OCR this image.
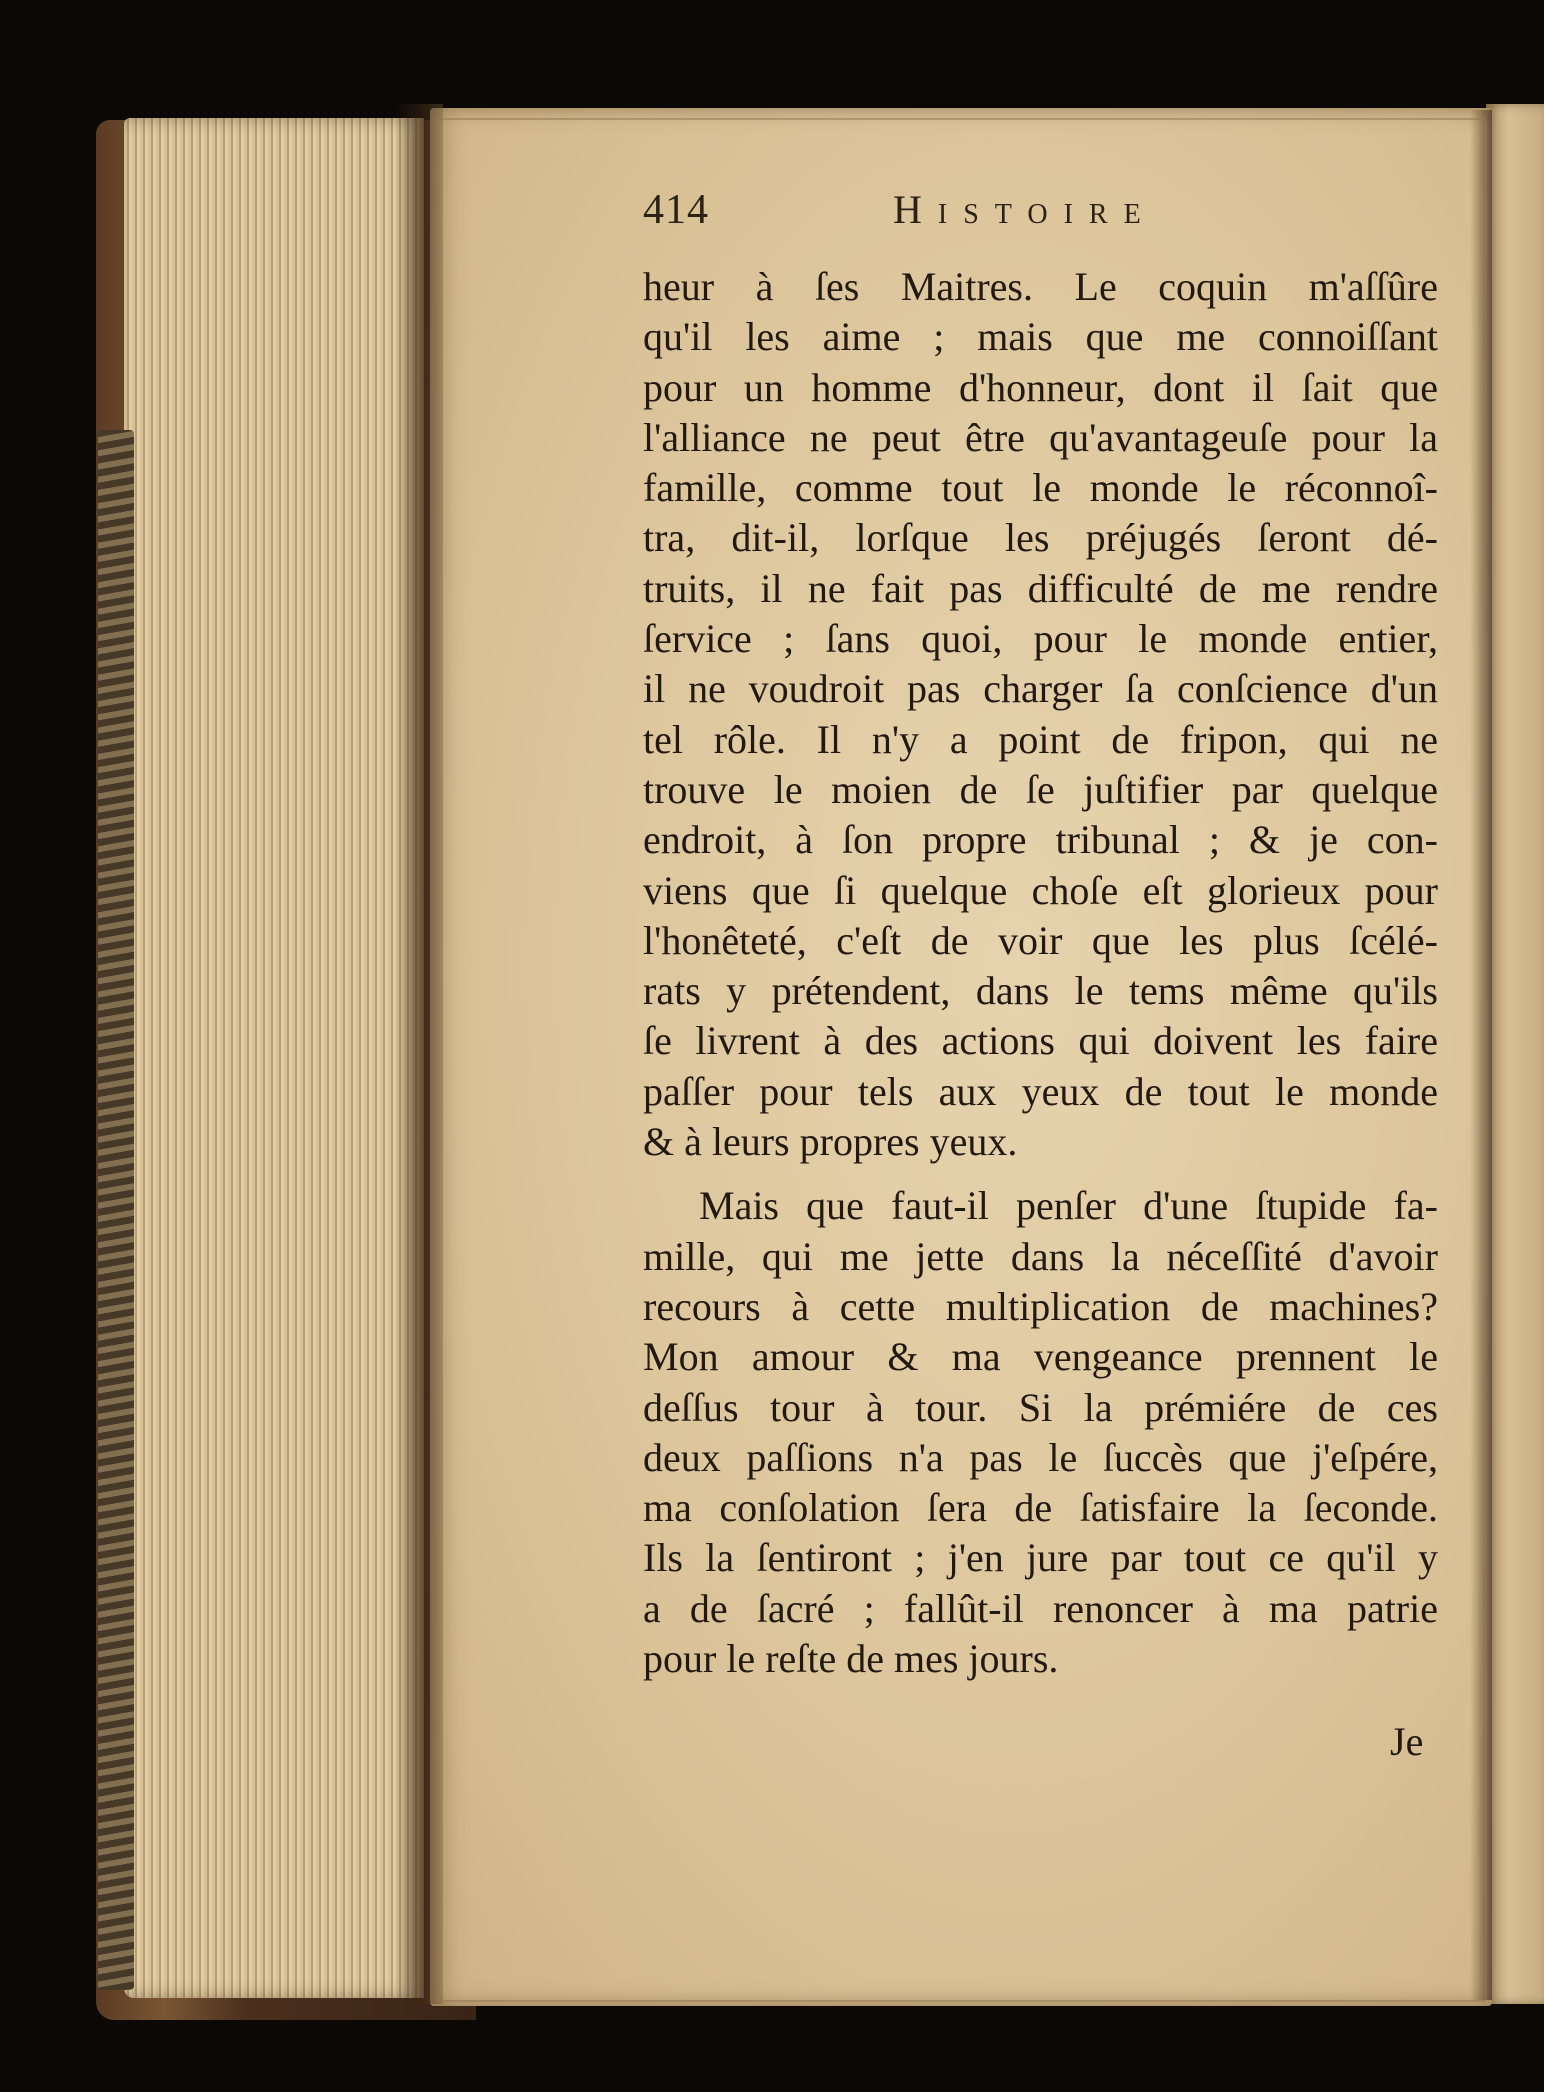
414	Histoire
heur à ſes Maitres. Le coquin m'aſſûre
qu'il les aime ; mais que me connoiſſant
pour un homme d'honneur, dont il ſait que
l'alliance ne peut être qu'avantageuſe pour la
famille, comme tout le monde le réconnoî-
tra, dit-il, lorſque les préjugés ſeront dé-
truits, il ne fait pas difficulté de me rendre
ſervice ; ſans quoi, pour le monde entier,
il ne voudroit pas charger ſa conſcience d'un
tel rôle. Il n'y a point de fripon, qui ne
trouve le moien de ſe juſtifier par quelque
endroit, à ſon propre tribunal ; & je con-
viens que ſi quelque choſe eſt glorieux pour
l'honêteté, c'eſt de voir que les plus ſcélé-
rats y prétendent, dans le tems même qu'ils
ſe livrent à des actions qui doivent les faire
paſſer pour tels aux yeux de tout le monde
& à leurs propres yeux.
Mais que faut-il penſer d'une ſtupide fa-
mille, qui me jette dans la néceſſité d'avoir
recours à cette multiplication de machines?
Mon amour & ma vengeance prennent le
deſſus tour à tour. Si la prémiére de ces
deux paſſions n'a pas le ſuccès que j'eſpére,
ma conſolation ſera de ſatisfaire la ſeconde.
Ils la ſentiront ; j'en jure par tout ce qu'il y
a de ſacré ; fallût-il renoncer à ma patrie
pour le reſte de mes jours.
Je
